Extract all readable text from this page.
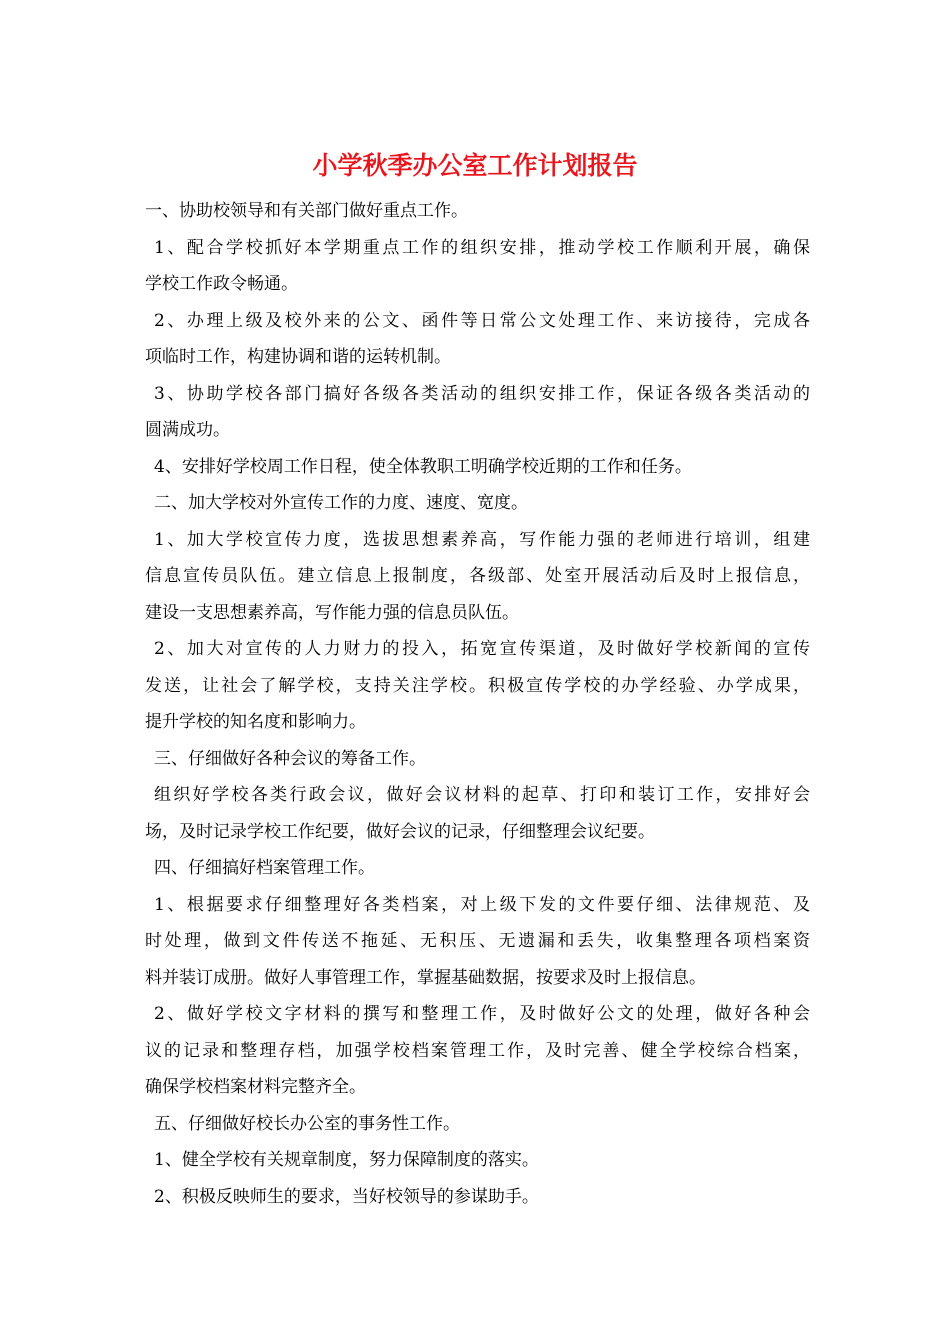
小学秋季办公室工作计划报告
一、协助校领导和有关部门做好重点工作。
1、配合学校抓好本学期重点工作的组织安排，推动学校工作顺利开展，确保
学校工作政令畅通。
2、办理上级及校外来的公文、函件等日常公文处理工作、来访接待，完成各
项临时工作，构建协调和谐的运转机制。
3、协助学校各部门搞好各级各类活动的组织安排工作，保证各级各类活动的
圆满成功。
4、安排好学校周工作日程，使全体教职工明确学校近期的工作和任务。
二、加大学校对外宣传工作的力度、速度、宽度。
1、加大学校宣传力度，选拔思想素养高，写作能力强的老师进行培训，组建
信息宣传员队伍。建立信息上报制度，各级部、处室开展活动后及时上报信息，
建设一支思想素养高，写作能力强的信息员队伍。
2、加大对宣传的人力财力的投入，拓宽宣传渠道，及时做好学校新闻的宣传
发送，让社会了解学校，支持关注学校。积极宣传学校的办学经验、办学成果，
提升学校的知名度和影响力。
三、仔细做好各种会议的筹备工作。
组织好学校各类行政会议，做好会议材料的起草、打印和装订工作，安排好会
场，及时记录学校工作纪要，做好会议的记录，仔细整理会议纪要。
四、仔细搞好档案管理工作。
1、根据要求仔细整理好各类档案，对上级下发的文件要仔细、法律规范、及
时处理，做到文件传送不拖延、无积压、无遗漏和丢失，收集整理各项档案资
料并装订成册。做好人事管理工作，掌握基础数据，按要求及时上报信息。
2、做好学校文字材料的撰写和整理工作，及时做好公文的处理，做好各种会
议的记录和整理存档，加强学校档案管理工作，及时完善、健全学校综合档案，
确保学校档案材料完整齐全。
五、仔细做好校长办公室的事务性工作。
1、健全学校有关规章制度，努力保障制度的落实。
2、积极反映师生的要求，当好校领导的参谋助手。
